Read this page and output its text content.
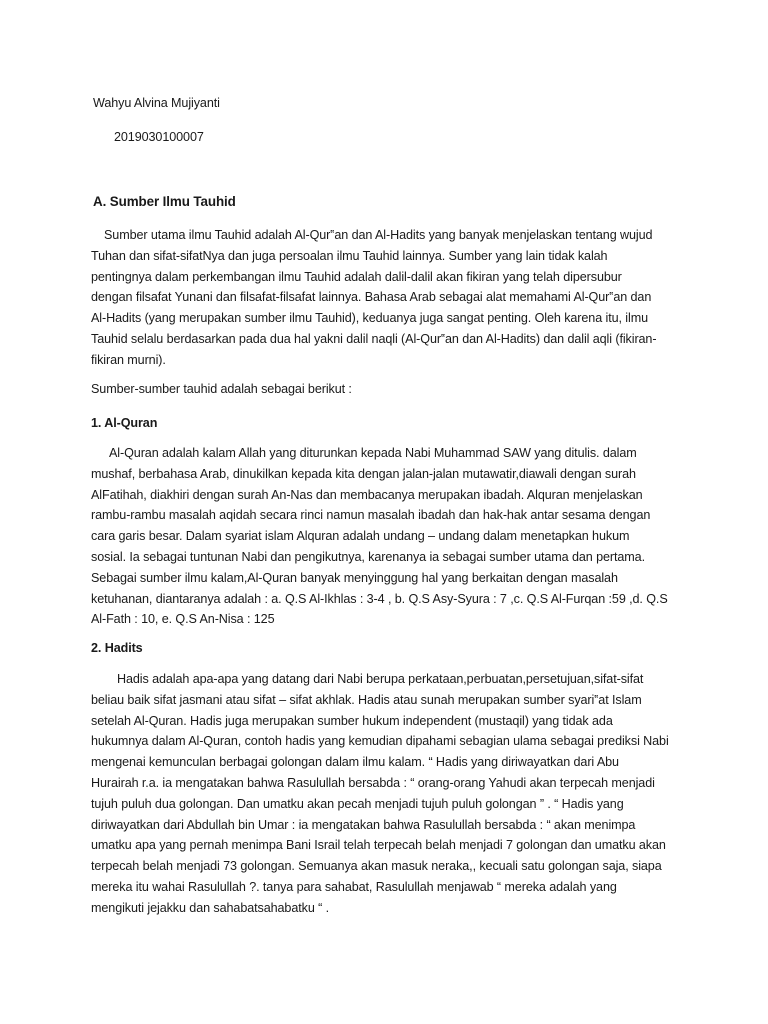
Wahyu Alvina Mujiyanti
2019030100007
A. Sumber Ilmu Tauhid
Sumber utama ilmu Tauhid adalah Al-Qur‟an dan Al-Hadits yang banyak menjelaskan tentang wujud
Tuhan dan sifat-sifatNya dan juga persoalan ilmu Tauhid lainnya. Sumber yang lain tidak kalah
pentingnya dalam perkembangan ilmu Tauhid adalah dalil-dalil akan fikiran yang telah dipersubur
dengan filsafat Yunani dan filsafat-filsafat lainnya. Bahasa Arab sebagai alat memahami Al-Qur‟an dan
Al-Hadits (yang merupakan sumber ilmu Tauhid), keduanya juga sangat penting. Oleh karena itu, ilmu
Tauhid selalu berdasarkan pada dua hal yakni dalil naqli (Al-Qur‟an dan Al-Hadits) dan dalil aqli (fikiran-
fikiran murni).
Sumber-sumber tauhid adalah sebagai berikut :
1. Al-Quran
Al-Quran adalah kalam Allah yang diturunkan kepada Nabi Muhammad SAW yang ditulis. dalam
mushaf, berbahasa Arab, dinukilkan kepada kita dengan jalan-jalan mutawatir,diawali dengan surah
AlFatihah, diakhiri dengan surah An-Nas dan membacanya merupakan ibadah. Alquran menjelaskan
rambu-rambu masalah aqidah secara rinci namun masalah ibadah dan hak-hak antar sesama dengan
cara garis besar. Dalam syariat islam Alquran adalah undang – undang dalam menetapkan hukum
sosial. Ia sebagai tuntunan Nabi dan pengikutnya, karenanya ia sebagai sumber utama dan pertama.
Sebagai sumber ilmu kalam,Al-Quran banyak menyinggung hal yang berkaitan dengan masalah
ketuhanan, diantaranya adalah : a. Q.S Al-Ikhlas : 3-4 , b. Q.S Asy-Syura : 7 ,c. Q.S Al-Furqan :59 ,d. Q.S
Al-Fath : 10, e. Q.S An-Nisa : 125
2. Hadits
Hadis adalah apa-apa yang datang dari Nabi berupa perkataan,perbuatan,persetujuan,sifat-sifat
beliau baik sifat jasmani atau sifat – sifat akhlak. Hadis atau sunah merupakan sumber syari‟at Islam
setelah Al-Quran. Hadis juga merupakan sumber hukum independent (mustaqil) yang tidak ada
hukumnya dalam Al-Quran, contoh hadis yang kemudian dipahami sebagian ulama sebagai prediksi Nabi
mengenai kemunculan berbagai golongan dalam ilmu kalam. “ Hadis yang diriwayatkan dari Abu
Hurairah r.a. ia mengatakan bahwa Rasulullah bersabda : “ orang-orang Yahudi akan terpecah menjadi
tujuh puluh dua golongan. Dan umatku akan pecah menjadi tujuh puluh golongan ” . “ Hadis yang
diriwayatkan dari Abdullah bin Umar : ia mengatakan bahwa Rasulullah bersabda : “ akan menimpa
umatku apa yang pernah menimpa Bani Israil telah terpecah belah menjadi 7 golongan dan umatku akan
terpecah belah menjadi 73 golongan. Semuanya akan masuk neraka,, kecuali satu golongan saja, siapa
mereka itu wahai Rasulullah ?. tanya para sahabat, Rasulullah menjawab “ mereka adalah yang
mengikuti jejakku dan sahabatsahabatku “ .
